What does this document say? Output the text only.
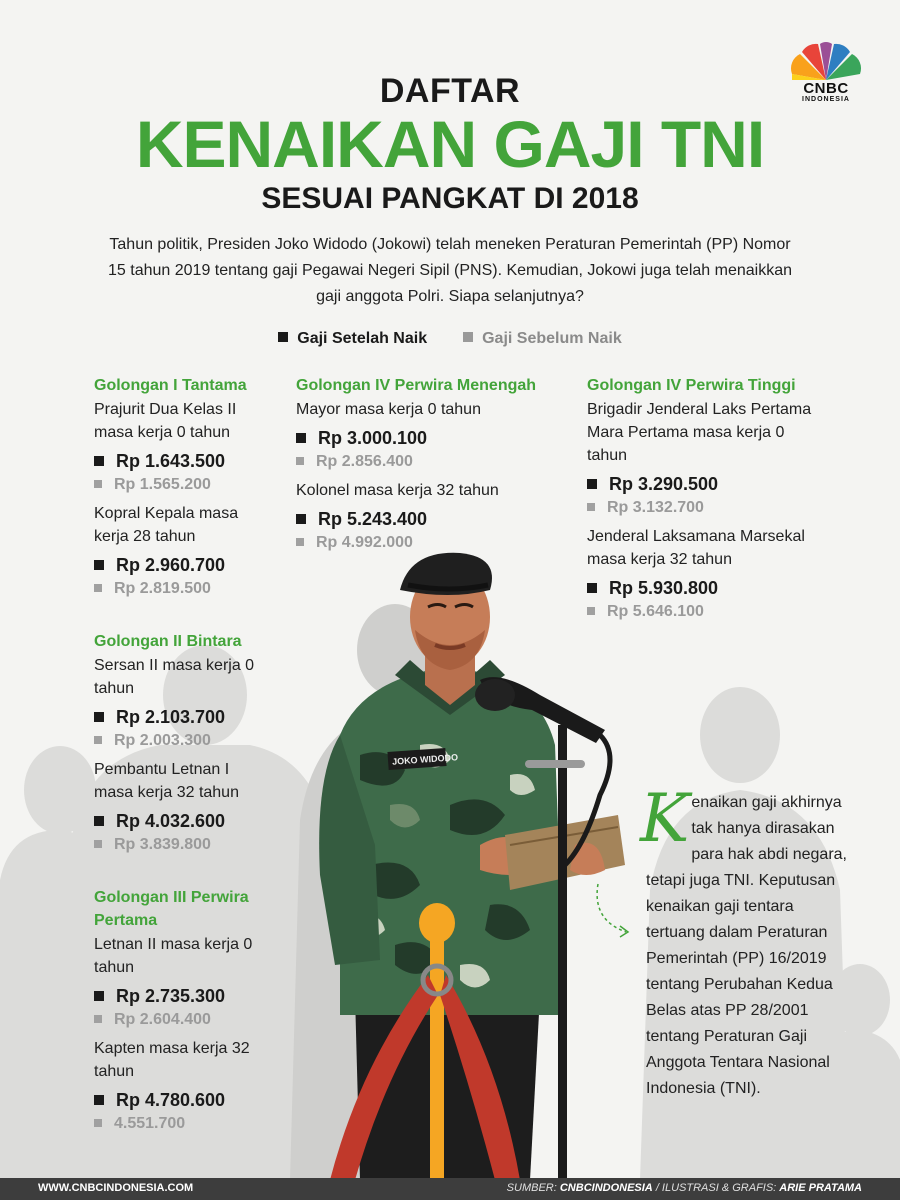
JOKO WIDODO
CNBC
INDONESIA
DAFTAR
KENAIKAN GAJI TNI
SESUAI PANGKAT DI 2018
Tahun politik, Presiden Joko Widodo (Jokowi) telah meneken Peraturan Pemerintah (PP) Nomor 15 tahun 2019 tentang gaji Pegawai Negeri Sipil (PNS). Kemudian, Jokowi juga telah menaikkan gaji anggota Polri. Siapa selanjutnya?
Gaji Setelah Naik	Gaji Sebelum Naik
Golongan I Tantama
Prajurit Dua Kelas II masa kerja 0 tahun
Rp 1.643.500
Rp 1.565.200
Kopral Kepala masa kerja 28 tahun
Rp 2.960.700
Rp 2.819.500
Golongan II Bintara
Sersan II masa kerja 0 tahun
Rp 2.103.700
Rp 2.003.300
Pembantu Letnan I masa kerja 32 tahun
Rp 4.032.600
Rp 3.839.800
Golongan III Perwira Pertama
Letnan II masa kerja 0 tahun
Rp 2.735.300
Rp 2.604.400
Kapten masa kerja 32 tahun
Rp 4.780.600
4.551.700
Golongan IV Perwira Menengah
Mayor masa kerja 0 tahun
Rp 3.000.100
Rp 2.856.400
Kolonel masa kerja 32 tahun
Rp 5.243.400
Rp 4.992.000
Golongan IV Perwira Tinggi
Brigadir Jenderal Laks Pertama Mara Pertama masa kerja 0 tahun
Rp 3.290.500
Rp 3.132.700
Jenderal Laksamana Marsekal masa kerja 32 tahun
Rp 5.930.800
Rp 5.646.100
Kenaikan gaji akhirnya tak hanya dirasakan para hak abdi negara, tetapi juga TNI. Keputusan kenaikan gaji tentara tertuang dalam Peraturan Pemerintah (PP) 16/2019 tentang Perubahan Kedua Belas atas PP 28/2001 tentang Peraturan Gaji Anggota Tentara Nasional Indonesia (TNI).
WWW.CNBCINDONESIA.COM	SUMBER: CNBCINDONESIA / ILUSTRASI & GRAFIS: ARIE PRATAMA
